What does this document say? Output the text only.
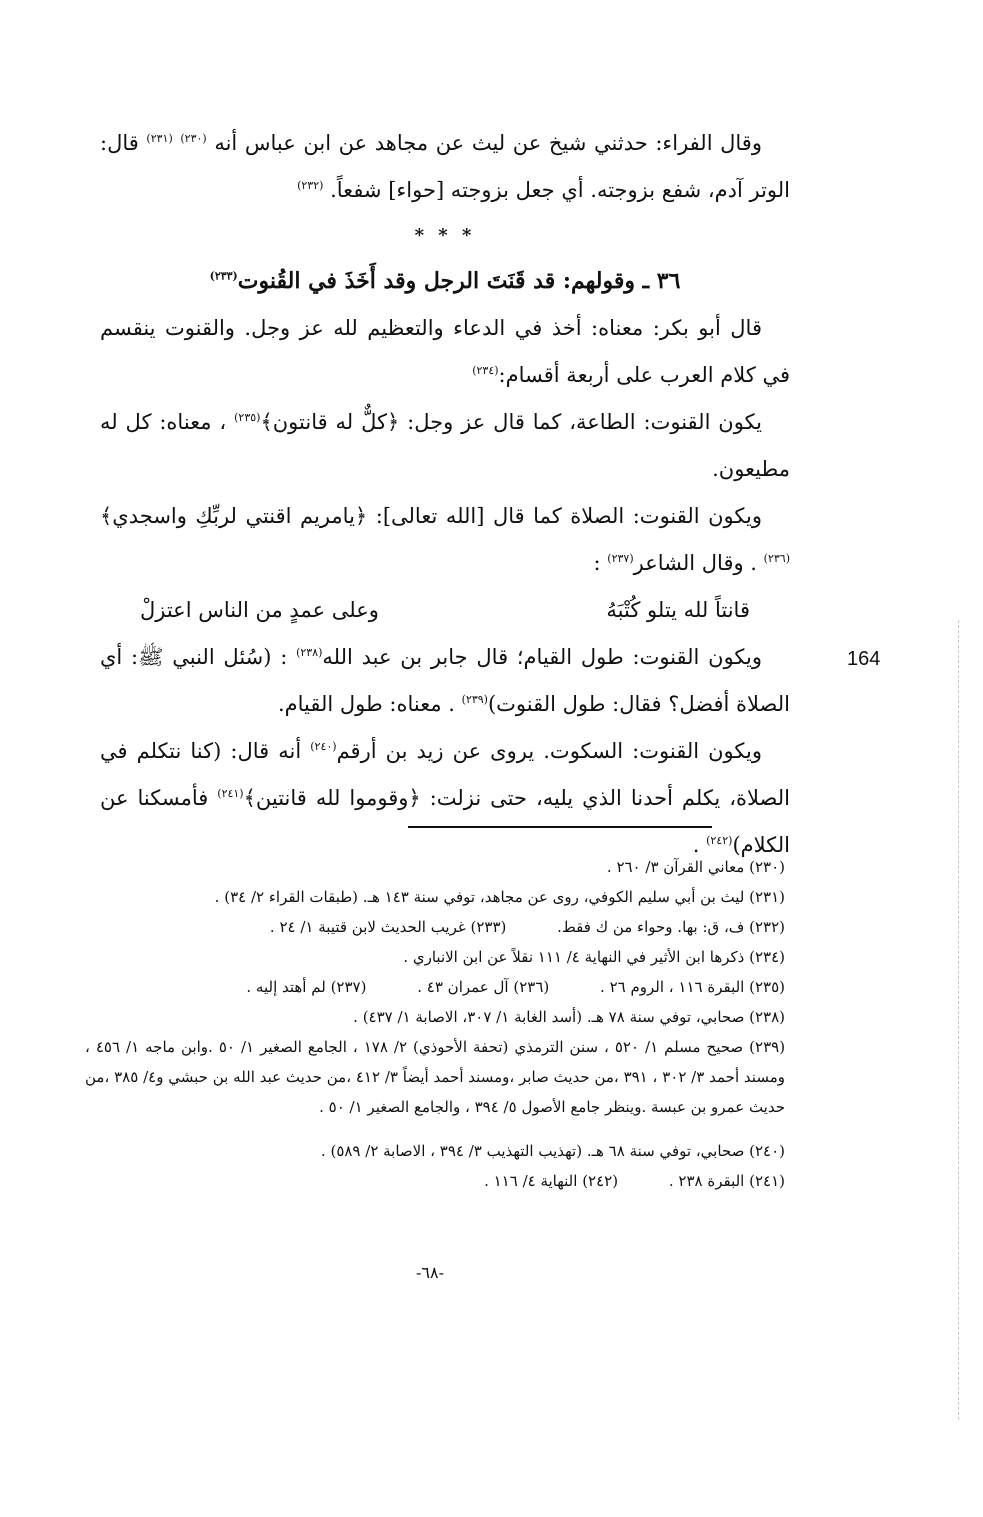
وقال الفراء: حدثني شيخ عن ليث عن مجاهد عن ابن عباس أنه $^{(٢٣٠)}$ $^{(٢٣١)}$ قال: الوتر آدم، شفع بزوجته. أي جعل بزوجته [حواء] شفعاً. $^{(٢٣٢)}$

* * *

٣٦ ـ وقولهم: قد قَنَتَ الرجل وقد أَخَذَ في القُنوت$^{(٢٣٣)}$

قال أبو بكر: معناه: أخذ في الدعاء والتعظيم لله عز وجل. والقنوت ينقسم في كلام العرب على أربعة أقسام:$^{(٢٣٤)}$

يكون القنوت: الطاعة، كما قال عز وجل: ﴿كلٌّ له قانتون﴾$^{(٢٣٥)}$ ، معناه: كل له مطيعون.

ويكون القنوت: الصلاة كما قال [الله تعالى]: ﴿يامريم اقنتي لربِّكِ واسجدي﴾$^{(٢٣٦)}$ . وقال الشاعر$^{(٢٣٧)}$ :

قانتاً لله يتلو كُتْبَهُ
وعلى عمدٍ من الناس اعتزلْ

ويكون القنوت: طول القيام؛ قال جابر بن عبد الله$^{(٢٣٨)}$ : (سُئل النبي ﷺ: أي الصلاة أفضل؟ فقال: طول القنوت)$^{(٢٣٩)}$ . معناه: طول القيام.

ويكون القنوت: السكوت. يروى عن زيد بن أرقم$^{(٢٤٠)}$ أنه قال: (كنا نتكلم في الصلاة، يكلم أحدنا الذي يليه، حتى نزلت: ﴿وقوموا لله قانتين﴾$^{(٢٤١)}$ فأمسكنا عن الكلام)$^{(٢٤٢)}$ .

164

(٢٣٠) معاني القرآن ٣/ ٢٦٠ .

(٢٣١) ليث بن أبي سليم الكوفي، روى عن مجاهد، توفي سنة ١٤٣ هـ. (طبقات القراء ٢/ ٣٤) .

(٢٣٢) ف، ق: بها. وحواء من ك فقط. (٢٣٣) غريب الحديث لابن قتيبة ١/ ٢٤ .

(٢٣٤) ذكرها ابن الأثير في النهاية ٤/ ١١١ نقلاً عن ابن الانباري .

(٢٣٥) البقرة ١١٦ ، الروم ٢٦ . (٢٣٦) آل عمران ٤٣ . (٢٣٧) لم أهتد إليه .

(٢٣٨) صحابي، توفي سنة ٧٨ هـ. (أسد الغابة ١/ ٣٠٧، الاصابة ١/ ٤٣٧) .

(٢٣٩) صحيح مسلم ١/ ٥٢٠ ، سنن الترمذي (تحفة الأحوذي) ٢/ ١٧٨ ، الجامع الصغير ١/ ٥٠ .وابن ماجه ١/ ٤٥٦ ، ومسند أحمد ٣/ ٣٠٢ ، ٣٩١ ،من حديث صابر ،ومسند أحمد أيضاً ٣/ ٤١٢ ،من حديث عبد الله بن حبشي و٤/ ٣٨٥ ،من حديث عمرو بن عبسة .وينظر جامع الأصول ٥/ ٣٩٤ ، والجامع الصغير ١/ ٥٠ .

(٢٤٠) صحابي، توفي سنة ٦٨ هـ. (تهذيب التهذيب ٣/ ٣٩٤ ، الاصابة ٢/ ٥٨٩) .

(٢٤١) البقرة ٢٣٨ . (٢٤٢) النهاية ٤/ ١١٦ .

-٦٨-
